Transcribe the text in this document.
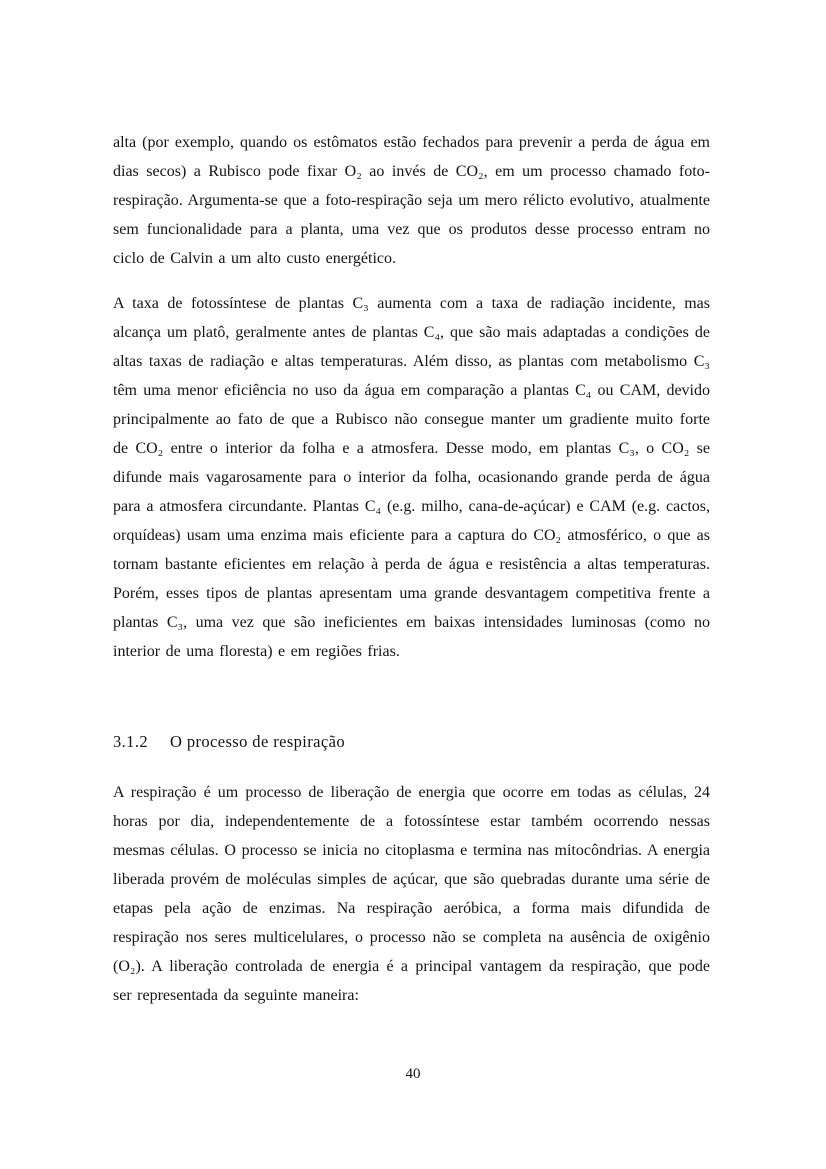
alta (por exemplo, quando os estômatos estão fechados para prevenir a perda de água em dias secos) a Rubisco pode fixar O₂ ao invés de CO₂, em um processo chamado foto-respiração. Argumenta-se que a foto-respiração seja um mero rélicto evolutivo, atualmente sem funcionalidade para a planta, uma vez que os produtos desse processo entram no ciclo de Calvin a um alto custo energético.

A taxa de fotossíntese de plantas C₃ aumenta com a taxa de radiação incidente, mas alcança um platô, geralmente antes de plantas C₄, que são mais adaptadas a condições de altas taxas de radiação e altas temperaturas. Além disso, as plantas com metabolismo C₃ têm uma menor eficiência no uso da água em comparação a plantas C₄ ou CAM, devido principalmente ao fato de que a Rubisco não consegue manter um gradiente muito forte de CO₂ entre o interior da folha e a atmosfera. Desse modo, em plantas C₃, o CO₂ se difunde mais vagarosamente para o interior da folha, ocasionando grande perda de água para a atmosfera circundante. Plantas C₄ (e.g. milho, cana-de-açúcar) e CAM (e.g. cactos, orquídeas) usam uma enzima mais eficiente para a captura do CO₂ atmosférico, o que as tornam bastante eficientes em relação à perda de água e resistência a altas temperaturas. Porém, esses tipos de plantas apresentam uma grande desvantagem competitiva frente a plantas C₃, uma vez que são ineficientes em baixas intensidades luminosas (como no interior de uma floresta) e em regiões frias.

3.1.2 O processo de respiração

A respiração é um processo de liberação de energia que ocorre em todas as células, 24 horas por dia, independentemente de a fotossíntese estar também ocorrendo nessas mesmas células. O processo se inicia no citoplasma e termina nas mitocôndrias. A energia liberada provém de moléculas simples de açúcar, que são quebradas durante uma série de etapas pela ação de enzimas. Na respiração aeróbica, a forma mais difundida de respiração nos seres multicelulares, o processo não se completa na ausência de oxigênio (O₂). A liberação controlada de energia é a principal vantagem da respiração, que pode ser representada da seguinte maneira:

40
